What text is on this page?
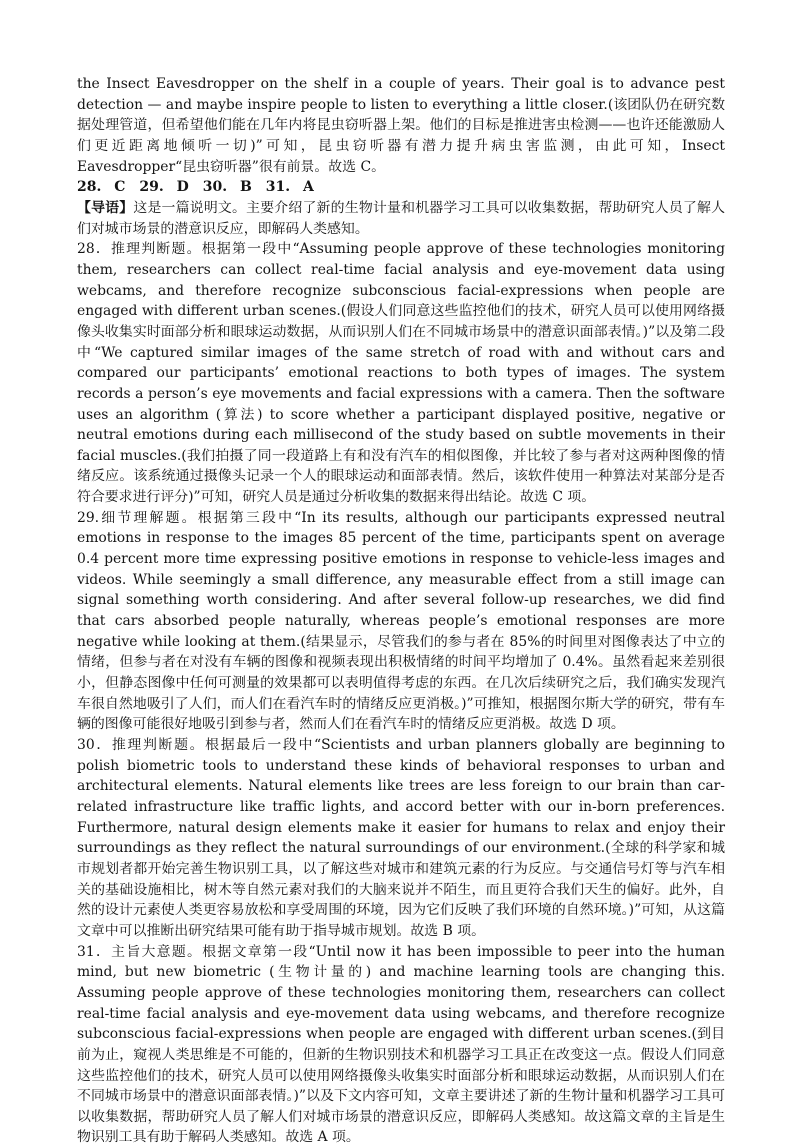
the Insect Eavesdropper on the shelf in a couple of years. Their goal is to advance pest detection — and maybe inspire people to listen to everything a little closer.(该团队仍在研究数据处理管道，但希望他们能在几年内将昆虫窃听器上架。他们的目标是推进害虫检测——也许还能激励人们更近距离地倾听一切)”可知，昆虫窃听器有潜力提升病虫害监测，由此可知，Insect Eavesdropper“昆虫窃听器”很有前景。故选 C。

28. C　29. D　30. B　31. A

【导语】这是一篇说明文。主要介绍了新的生物计量和机器学习工具可以收集数据，帮助研究人员了解人们对城市场景的潜意识反应，即解码人类感知。

28．推理判断题。根据第一段中“Assuming people approve of these technologies monitoring them, researchers can collect real-time facial analysis and eye-movement data using webcams, and therefore recognize subconscious facial-expressions when people are engaged with different urban scenes.(假设人们同意这些监控他们的技术，研究人员可以使用网络摄像头收集实时面部分析和眼球运动数据，从而识别人们在不同城市场景中的潜意识面部表情。)”以及第二段中“We captured similar images of the same stretch of road with and without cars and compared our participants’ emotional reactions to both types of images. The system records a person’s eye movements and facial expressions with a camera. Then the software uses an algorithm (算法) to score whether a participant displayed positive, negative or neutral emotions during each millisecond of the study based on subtle movements in their facial muscles.(我们拍摄了同一段道路上有和没有汽车的相似图像，并比较了参与者对这两种图像的情绪反应。该系统通过摄像头记录一个人的眼球运动和面部表情。然后，该软件使用一种算法对某部分是否符合要求进行评分)”可知，研究人员是通过分析收集的数据来得出结论。故选 C 项。

29.细节理解题。根据第三段中“In its results, although our participants expressed neutral emotions in response to the images 85 percent of the time, participants spent on average 0.4 percent more time expressing positive emotions in response to vehicle-less images and videos. While seemingly a small difference, any measurable effect from a still image can signal something worth considering. And after several follow-up researches, we did find that cars absorbed people naturally, whereas people’s emotional responses are more negative while looking at them.(结果显示，尽管我们的参与者在 85%的时间里对图像表达了中立的情绪，但参与者在对没有车辆的图像和视频表现出积极情绪的时间平均增加了 0.4%。虽然看起来差别很小，但静态图像中任何可测量的效果都可以表明值得考虑的东西。在几次后续研究之后，我们确实发现汽车很自然地吸引了人们，而人们在看汽车时的情绪反应更消极。)”可推知，根据图尔斯大学的研究，带有车辆的图像可能很好地吸引到参与者，然而人们在看汽车时的情绪反应更消极。故选 D 项。

30．推理判断题。根据最后一段中“Scientists and urban planners globally are beginning to polish biometric tools to understand these kinds of behavioral responses to urban and architectural elements. Natural elements like trees are less foreign to our brain than car-related infrastructure like traffic lights, and accord better with our in-born preferences. Furthermore, natural design elements make it easier for humans to relax and enjoy their surroundings as they reflect the natural surroundings of our environment.(全球的科学家和城市规划者都开始完善生物识别工具，以了解这些对城市和建筑元素的行为反应。与交通信号灯等与汽车相关的基础设施相比，树木等自然元素对我们的大脑来说并不陌生，而且更符合我们天生的偏好。此外，自然的设计元素使人类更容易放松和享受周围的环境，因为它们反映了我们环境的自然环境。)”可知，从这篇文章中可以推断出研究结果可能有助于指导城市规划。故选 B 项。

31．主旨大意题。根据文章第一段“Until now it has been impossible to peer into the human mind, but new biometric (生物计量的) and machine learning tools are changing this. Assuming people approve of these technologies monitoring them, researchers can collect real-time facial analysis and eye-movement data using webcams, and therefore recognize subconscious facial-expressions when people are engaged with different urban scenes.(到目前为止，窥视人类思维是不可能的，但新的生物识别技术和机器学习工具正在改变这一点。假设人们同意这些监控他们的技术，研究人员可以使用网络摄像头收集实时面部分析和眼球运动数据，从而识别人们在不同城市场景中的潜意识面部表情。)”以及下文内容可知，文章主要讲述了新的生物计量和机器学习工具可以收集数据，帮助研究人员了解人们对城市场景的潜意识反应，即解码人类感知。故这篇文章的主旨是生物识别工具有助于解码人类感知。故选 A 项。
